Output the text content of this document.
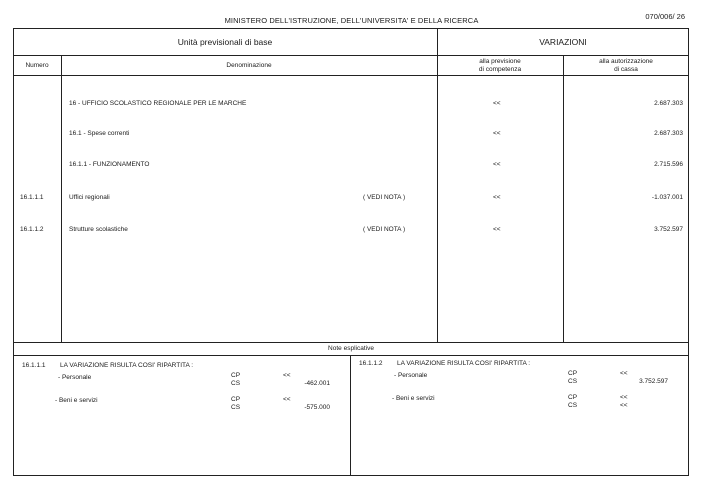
MINISTERO DELL'ISTRUZIONE, DELL'UNIVERSITA' E DELLA RICERCA	070/006/ 26
Unità previsionali di base	VARIAZIONI
Numero	Denominazione
alla previsione
di competenza
alla autorizzazione
di cassa
16 - UFFICIO SCOLASTICO REGIONALE PER LE MARCHE	<<	2.687.303
16.1 - Spese correnti	<<	2.687.303
16.1.1 - FUNZIONAMENTO	<<	2.715.596
16.1.1.1	Uffici regionali	( VEDI NOTA )	<<	-1.037.001
16.1.1.2	Strutture scolastiche	( VEDI NOTA )	<<	3.752.597
Note esplicative
16.1.1.1 LA VARIAZIONE RISULTA COSI' RIPARTITA :
- Personale	CP	<<
CS	-462.001
- Beni e servizi	CP	<<
CS	-575.000
16.1.1.2 LA VARIAZIONE RISULTA COSI' RIPARTITA :
- Personale	CP	<<
CS	3.752.597
- Beni e servizi	CP	<<
CS	<<
